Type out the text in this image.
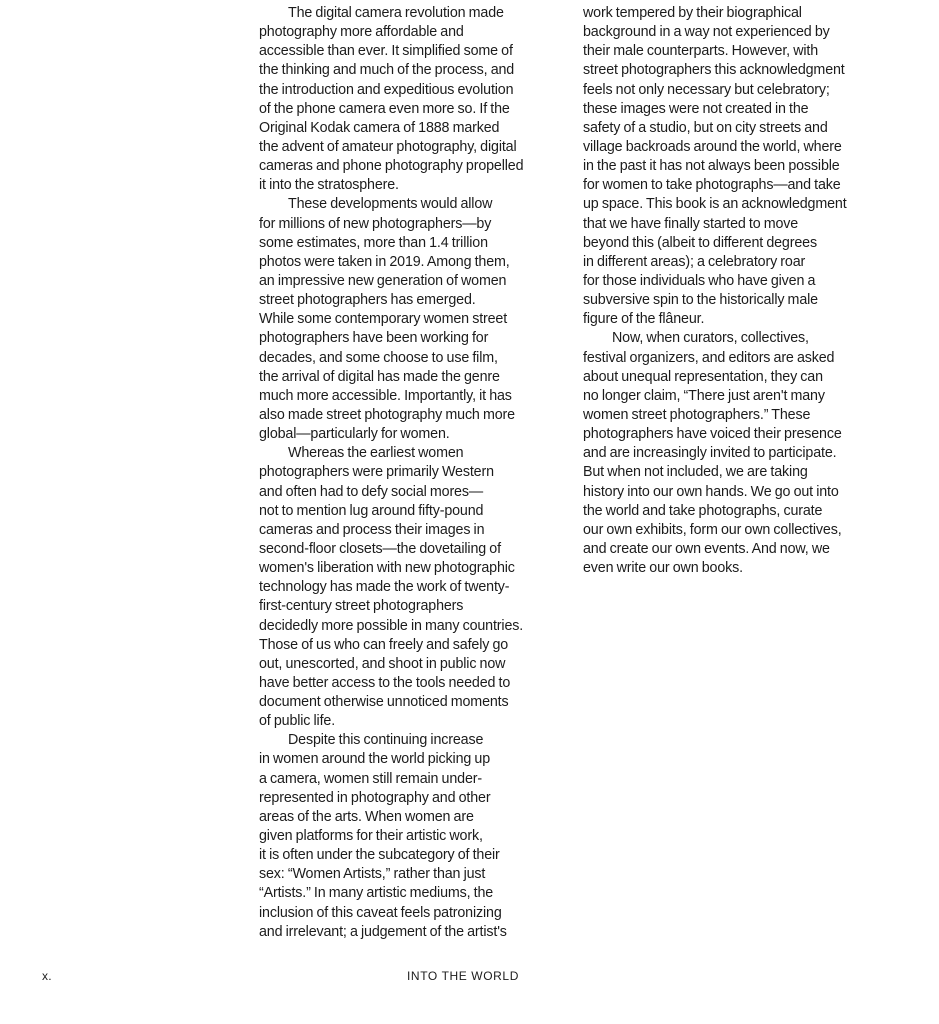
The digital camera revolution made
photography more affordable and
accessible than ever. It simplified some of
the thinking and much of the process, and
the introduction and expeditious evolution
of the phone camera even more so. If the
Original Kodak camera of 1888 marked
the advent of amateur photography, digital
cameras and phone photography propelled
it into the stratosphere.
These developments would allow
for millions of new photographers—by
some estimates, more than 1.4 trillion
photos were taken in 2019. Among them,
an impressive new generation of women
street photographers has emerged.
While some contemporary women street
photographers have been working for
decades, and some choose to use film,
the arrival of digital has made the genre
much more accessible. Importantly, it has
also made street photography much more
global—particularly for women.
Whereas the earliest women
photographers were primarily Western
and often had to defy social mores—
not to mention lug around fifty-pound
cameras and process their images in
second-floor closets—the dovetailing of
women's liberation with new photographic
technology has made the work of twenty-
first-century street photographers
decidedly more possible in many countries.
Those of us who can freely and safely go
out, unescorted, and shoot in public now
have better access to the tools needed to
document otherwise unnoticed moments
of public life.
Despite this continuing increase
in women around the world picking up
a camera, women still remain under-
represented in photography and other
areas of the arts. When women are
given platforms for their artistic work,
it is often under the subcategory of their
sex: “Women Artists,” rather than just
“Artists.” In many artistic mediums, the
inclusion of this caveat feels patronizing
and irrelevant; a judgement of the artist's
work tempered by their biographical
background in a way not experienced by
their male counterparts. However, with
street photographers this acknowledgment
feels not only necessary but celebratory;
these images were not created in the
safety of a studio, but on city streets and
village backroads around the world, where
in the past it has not always been possible
for women to take photographs—and take
up space. This book is an acknowledgment
that we have finally started to move
beyond this (albeit to different degrees
in different areas); a celebratory roar
for those individuals who have given a
subversive spin to the historically male
figure of the flâneur.
Now, when curators, collectives,
festival organizers, and editors are asked
about unequal representation, they can
no longer claim, “There just aren't many
women street photographers.” These
photographers have voiced their presence
and are increasingly invited to participate.
But when not included, we are taking
history into our own hands. We go out into
the world and take photographs, curate
our own exhibits, form our own collectives,
and create our own events. And now, we
even write our own books.
x.	INTO THE WORLD
